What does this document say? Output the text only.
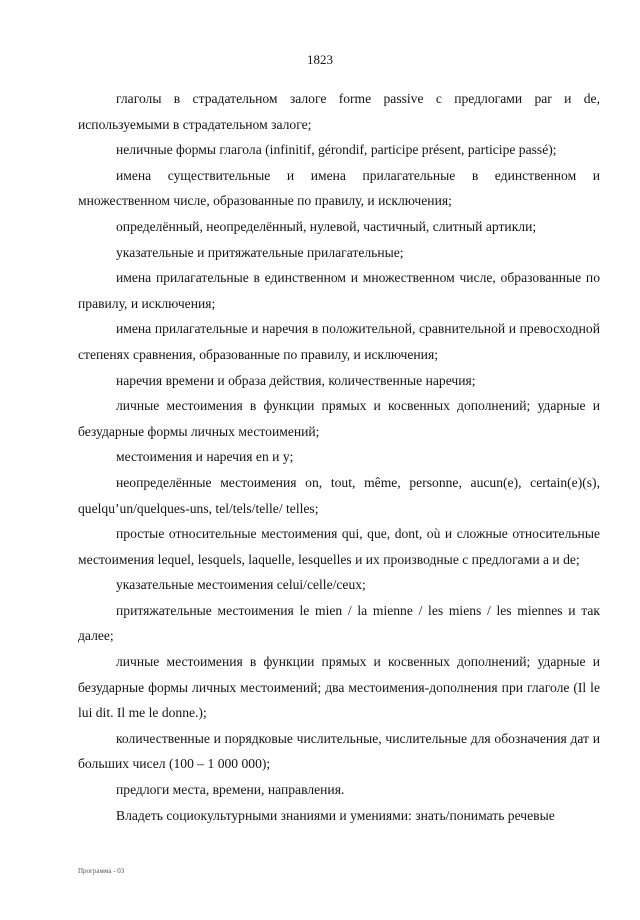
1823

глаголы в страдательном залоге forme passive с предлогами par и de, используемыми в страдательном залоге;

неличные формы глагола (infinitif, gérondif, participe présent, participe passé);

имена существительные и имена прилагательные в единственном и множественном числе, образованные по правилу, и исключения;

определённый, неопределённый, нулевой, частичный, слитный артикли;

указательные и притяжательные прилагательные;

имена прилагательные в единственном и множественном числе, образованные по правилу, и исключения;

имена прилагательные и наречия в положительной, сравнительной и превосходной степенях сравнения, образованные по правилу, и исключения;

наречия времени и образа действия, количественные наречия;

личные местоимения в функции прямых и косвенных дополнений; ударные и безударные формы личных местоимений;

местоимения и наречия en и y;

неопределённые местоимения on, tout, même, personne, aucun(e), certain(e)(s), quelqu’un/quelques-uns, tel/tels/telle/ telles;

простые относительные местоимения qui, que, dont, où и сложные относительные местоимения lequel, lesquels, laquelle, lesquelles и их производные с предлогами a и de;

указательные местоимения celui/celle/ceux;

притяжательные местоимения le mien / la mienne / les miens / les miennes и так далее;

личные местоимения в функции прямых и косвенных дополнений; ударные и безударные формы личных местоимений; два местоимения-дополнения при глаголе (Il le lui dit. Il me le donne.);

количественные и порядковые числительные, числительные для обозначения дат и больших чисел (100 – 1 000 000);

предлоги места, времени, направления.

Владеть социокультурными знаниями и умениями: знать/понимать речевые

Программа - 03
